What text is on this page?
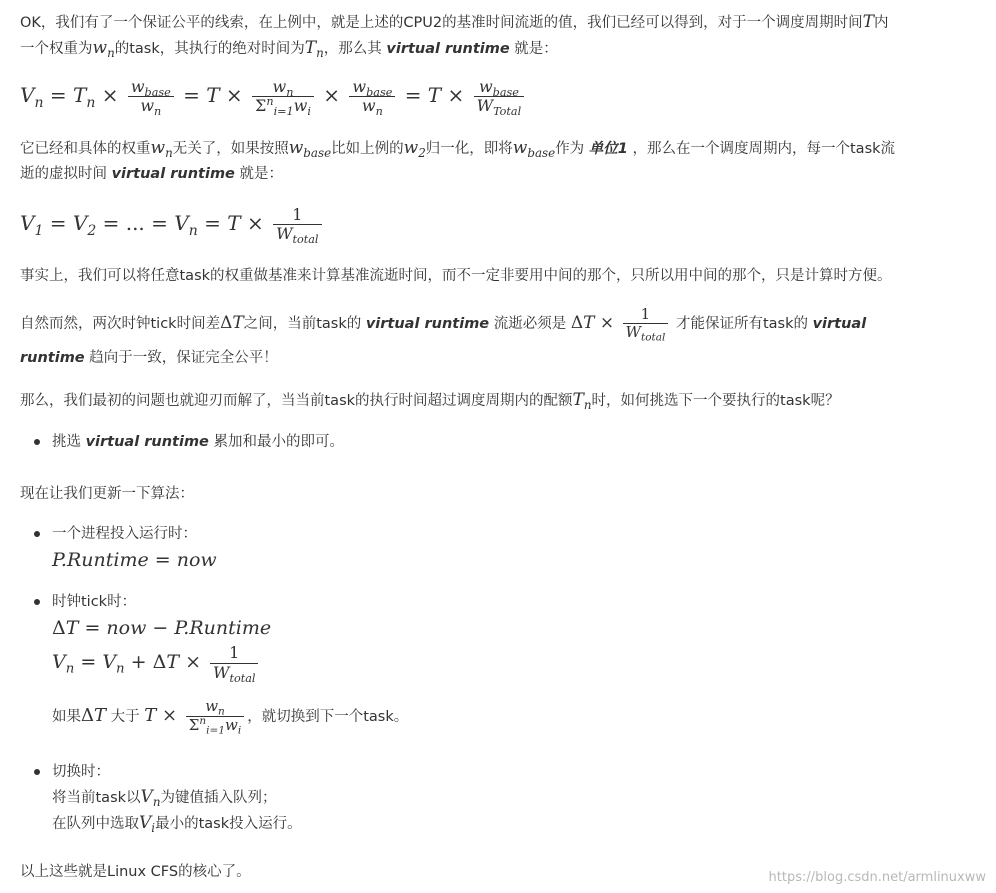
OK，我们有了一个保证公平的线索，在上例中，就是上述的CPU2的基准时间流逝的值，我们已经可以得到，对于一个调度周期时间T内
一个权重为$w_n$的task，其执行的绝对时间为$T_n$，那么其 virtual runtime 就是：
$V_n = T_n \times \frac{w_{base}}{w_n} = T \times \frac{w_n}{\Sigma^n_{i=1}w_i} \times \frac{w_{base}}{w_n} = T \times \frac{w_{base}}{W_{Total}}$
它已经和具体的权重$w_n$无关了，如果按照$w_{base}$比如上例的$w_2$归一化，即将$w_{base}$作为 单位1 ，那么在一个调度周期内，每一个task流
逝的虚拟时间 virtual runtime 就是：
$V_1 = V_2$ = ... = $V_n = T \times \frac{1}{W_{total}}$
事实上，我们可以将任意task的权重做基准来计算基准流逝时间，而不一定非要用中间的那个，只所以用中间的那个，只是计算时方便。
自然而然，两次时钟tick时间差ΔT之间，当前task的 virtual runtime 流逝必须是 $\Delta T \times \frac{1}{W_{total}}$ 才能保证所有task的 virtual
runtime 趋向于一致，保证完全公平！
那么，我们最初的问题也就迎刃而解了，当当前task的执行时间超过调度周期内的配额$T_n$时，如何挑选下一个要执行的task呢？
挑选 virtual runtime 累加和最小的即可。
现在让我们更新一下算法：
一个进程投入运行时：
P.Runtime = now
时钟tick时：
ΔT = now − P.Runtime
$V_n = V_n + \Delta T \times \frac{1}{W_{total}}$
如果ΔT 大于 $T \times \frac{w_n}{\Sigma^n_{i=1}w_i}$ ，就切换到下一个task。
切换时：
将当前task以$V_n$为键值插入队列；
在队列中选取$V_i$最小的task投入运行。
以上这些就是Linux CFS的核心了。	https://blog.csdn.net/armlinuxww
